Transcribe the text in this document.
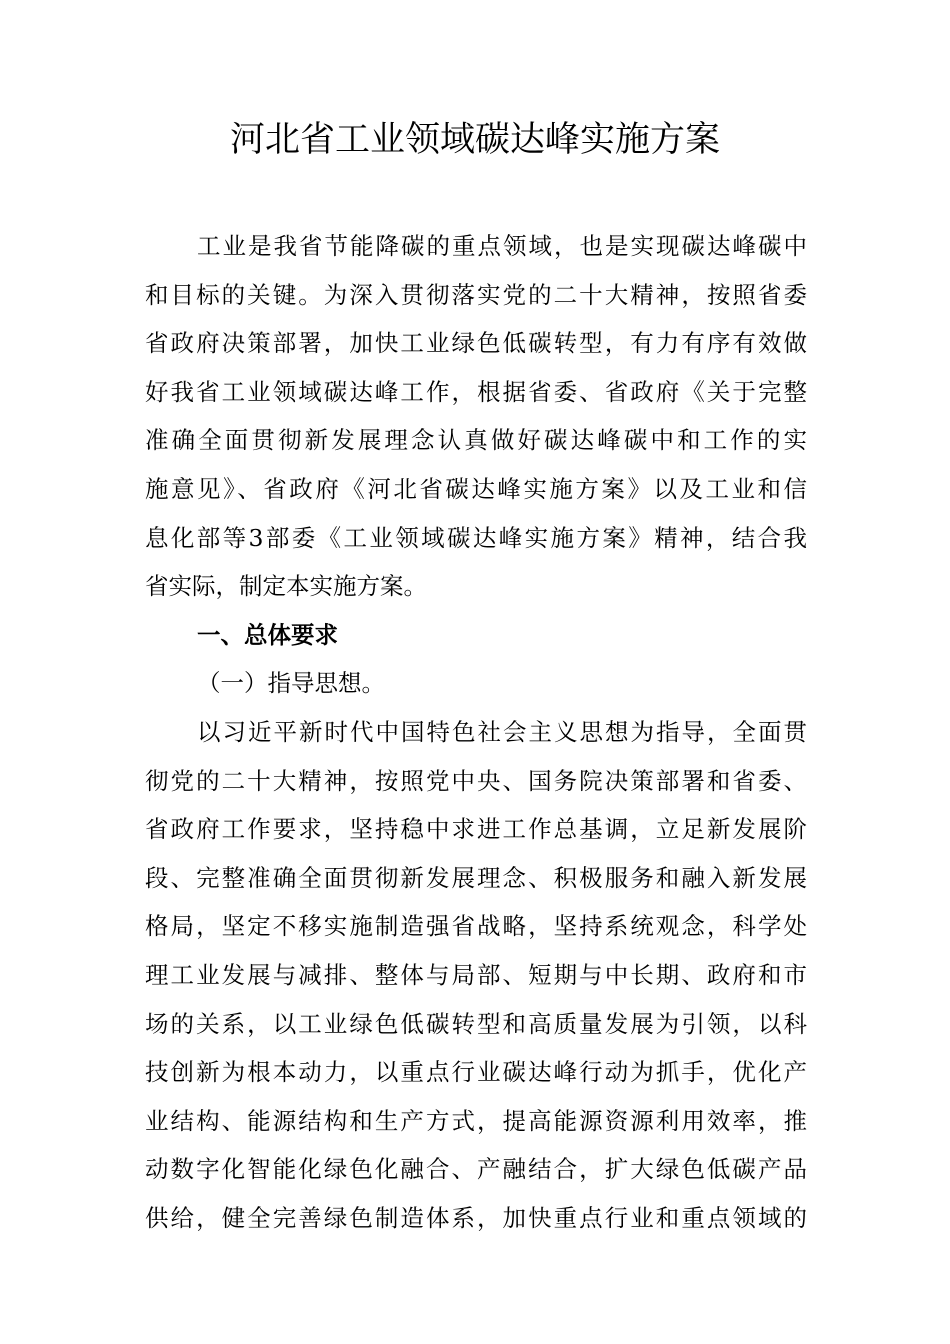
河北省工业领域碳达峰实施方案
工业是我省节能降碳的重点领域，也是实现碳达峰碳中
和目标的关键。为深入贯彻落实党的二十大精神，按照省委
省政府决策部署，加快工业绿色低碳转型，有力有序有效做
好我省工业领域碳达峰工作，根据省委、省政府《关于完整
准确全面贯彻新发展理念认真做好碳达峰碳中和工作的实
施意见》、省政府《河北省碳达峰实施方案》以及工业和信
息化部等3部委《工业领域碳达峰实施方案》精神，结合我
省实际，制定本实施方案。
一、总体要求
（一）指导思想。
以习近平新时代中国特色社会主义思想为指导，全面贯
彻党的二十大精神，按照党中央、国务院决策部署和省委、
省政府工作要求，坚持稳中求进工作总基调，立足新发展阶
段、完整准确全面贯彻新发展理念、积极服务和融入新发展
格局，坚定不移实施制造强省战略，坚持系统观念，科学处
理工业发展与减排、整体与局部、短期与中长期、政府和市
场的关系，以工业绿色低碳转型和高质量发展为引领，以科
技创新为根本动力，以重点行业碳达峰行动为抓手，优化产
业结构、能源结构和生产方式，提高能源资源利用效率，推
动数字化智能化绿色化融合、产融结合，扩大绿色低碳产品
供给，健全完善绿色制造体系，加快重点行业和重点领域的
